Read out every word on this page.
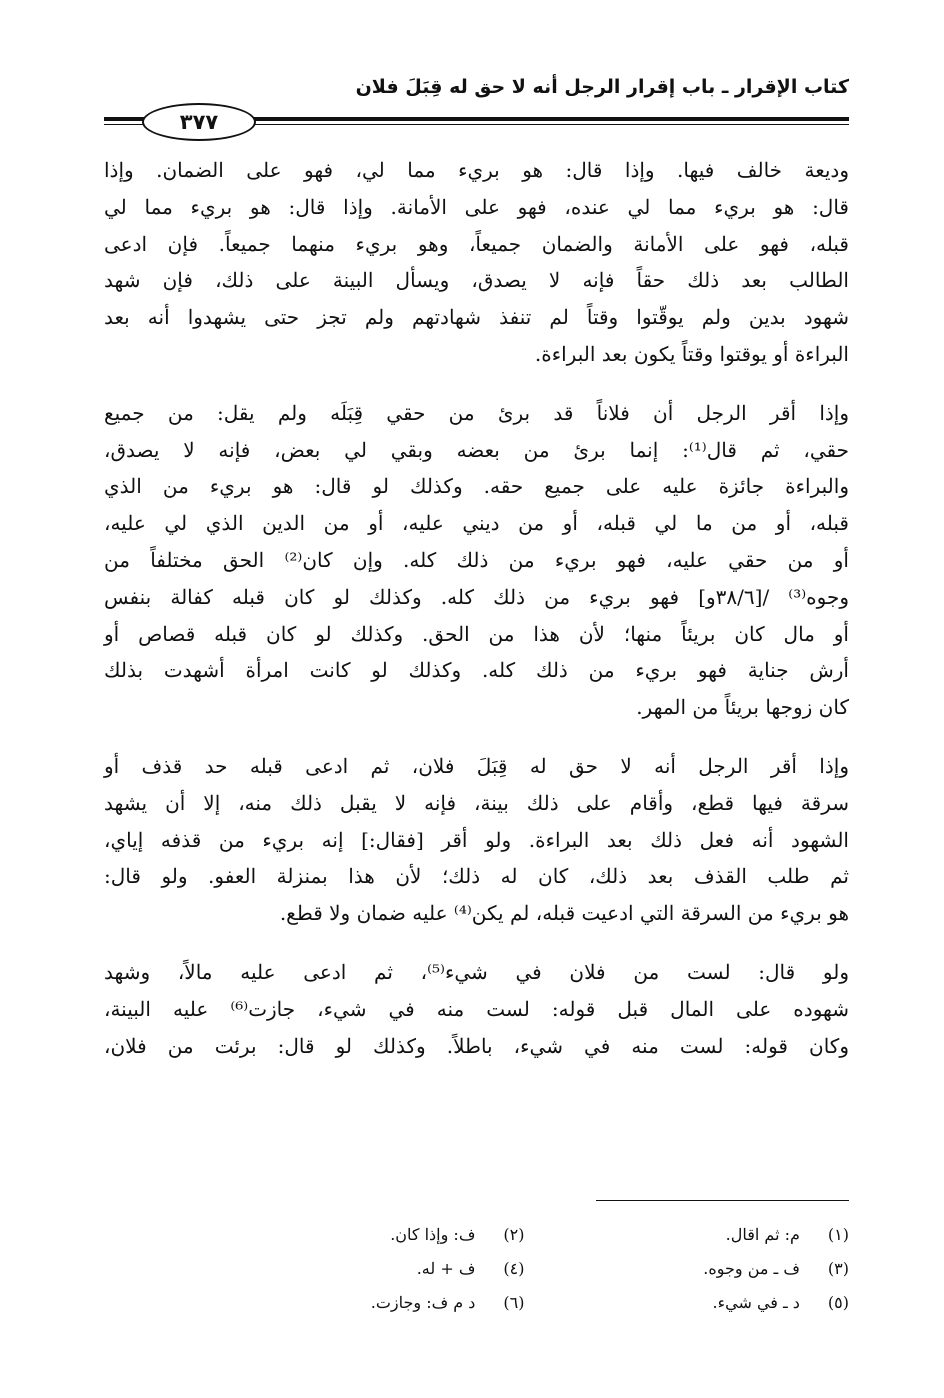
كتاب الإقرار ـ باب إقرار الرجل أنه لا حق له قِبَلَ فلان
٣٧٧

وديعة خالف فيها. وإذا قال: هو بريء مما لي، فهو على الضمان. وإذا
قال: هو بريء مما لي عنده، فهو على الأمانة. وإذا قال: هو بريء مما لي
قبله، فهو على الأمانة والضمان جميعاً، وهو بريء منهما جميعاً. فإن ادعى
الطالب بعد ذلك حقاً فإنه لا يصدق، ويسأل البينة على ذلك، فإن شهد
شهود بدين ولم يوقّتوا وقتاً لم تنفذ شهادتهم ولم تجز حتى يشهدوا أنه بعد
البراءة أو يوقتوا وقتاً يكون بعد البراءة.

وإذا أقر الرجل أن فلاناً قد برئ من حقي قِبَلَه ولم يقل: من جميع
حقي، ثم قال⁽¹⁾: إنما برئ من بعضه وبقي لي بعض، فإنه لا يصدق،
والبراءة جائزة عليه على جميع حقه. وكذلك لو قال: هو بريء من الذي
قبله، أو من ما لي قبله، أو من ديني عليه، أو من الدين الذي لي عليه،
أو من حقي عليه، فهو بريء من ذلك كله. وإن كان⁽²⁾ الحق مختلفاً من
وجوه⁽³⁾ /[٣٨/٦و] فهو بريء من ذلك كله. وكذلك لو كان قبله كفالة بنفس
أو مال كان بريئاً منها؛ لأن هذا من الحق. وكذلك لو كان قبله قصاص أو
أرش جناية فهو بريء من ذلك كله. وكذلك لو كانت امرأة أشهدت بذلك
كان زوجها بريئاً من المهر.

وإذا أقر الرجل أنه لا حق له قِبَلَ فلان، ثم ادعى قبله حد قذف أو
سرقة فيها قطع، وأقام على ذلك بينة، فإنه لا يقبل ذلك منه، إلا أن يشهد
الشهود أنه فعل ذلك بعد البراءة. ولو أقر [فقال:] إنه بريء من قذفه إياي،
ثم طلب القذف بعد ذلك، كان له ذلك؛ لأن هذا بمنزلة العفو. ولو قال:
هو بريء من السرقة التي ادعيت قبله، لم يكن⁽⁴⁾ عليه ضمان ولا قطع.

ولو قال: لست من فلان في شيء⁽⁵⁾، ثم ادعى عليه مالاً، وشهد
شهوده على المال قبل قوله: لست منه في شيء، جازت⁽⁶⁾ عليه البينة،
وكان قوله: لست منه في شيء، باطلاً. وكذلك لو قال: برئت من فلان،

(١) م: ثم اقال.
(٢) ف: وإذا كان.
(٣) ف ـ من وجوه.
(٤) ف + له.
(٥) د ـ في شيء.
(٦) د م ف: وجازت.
